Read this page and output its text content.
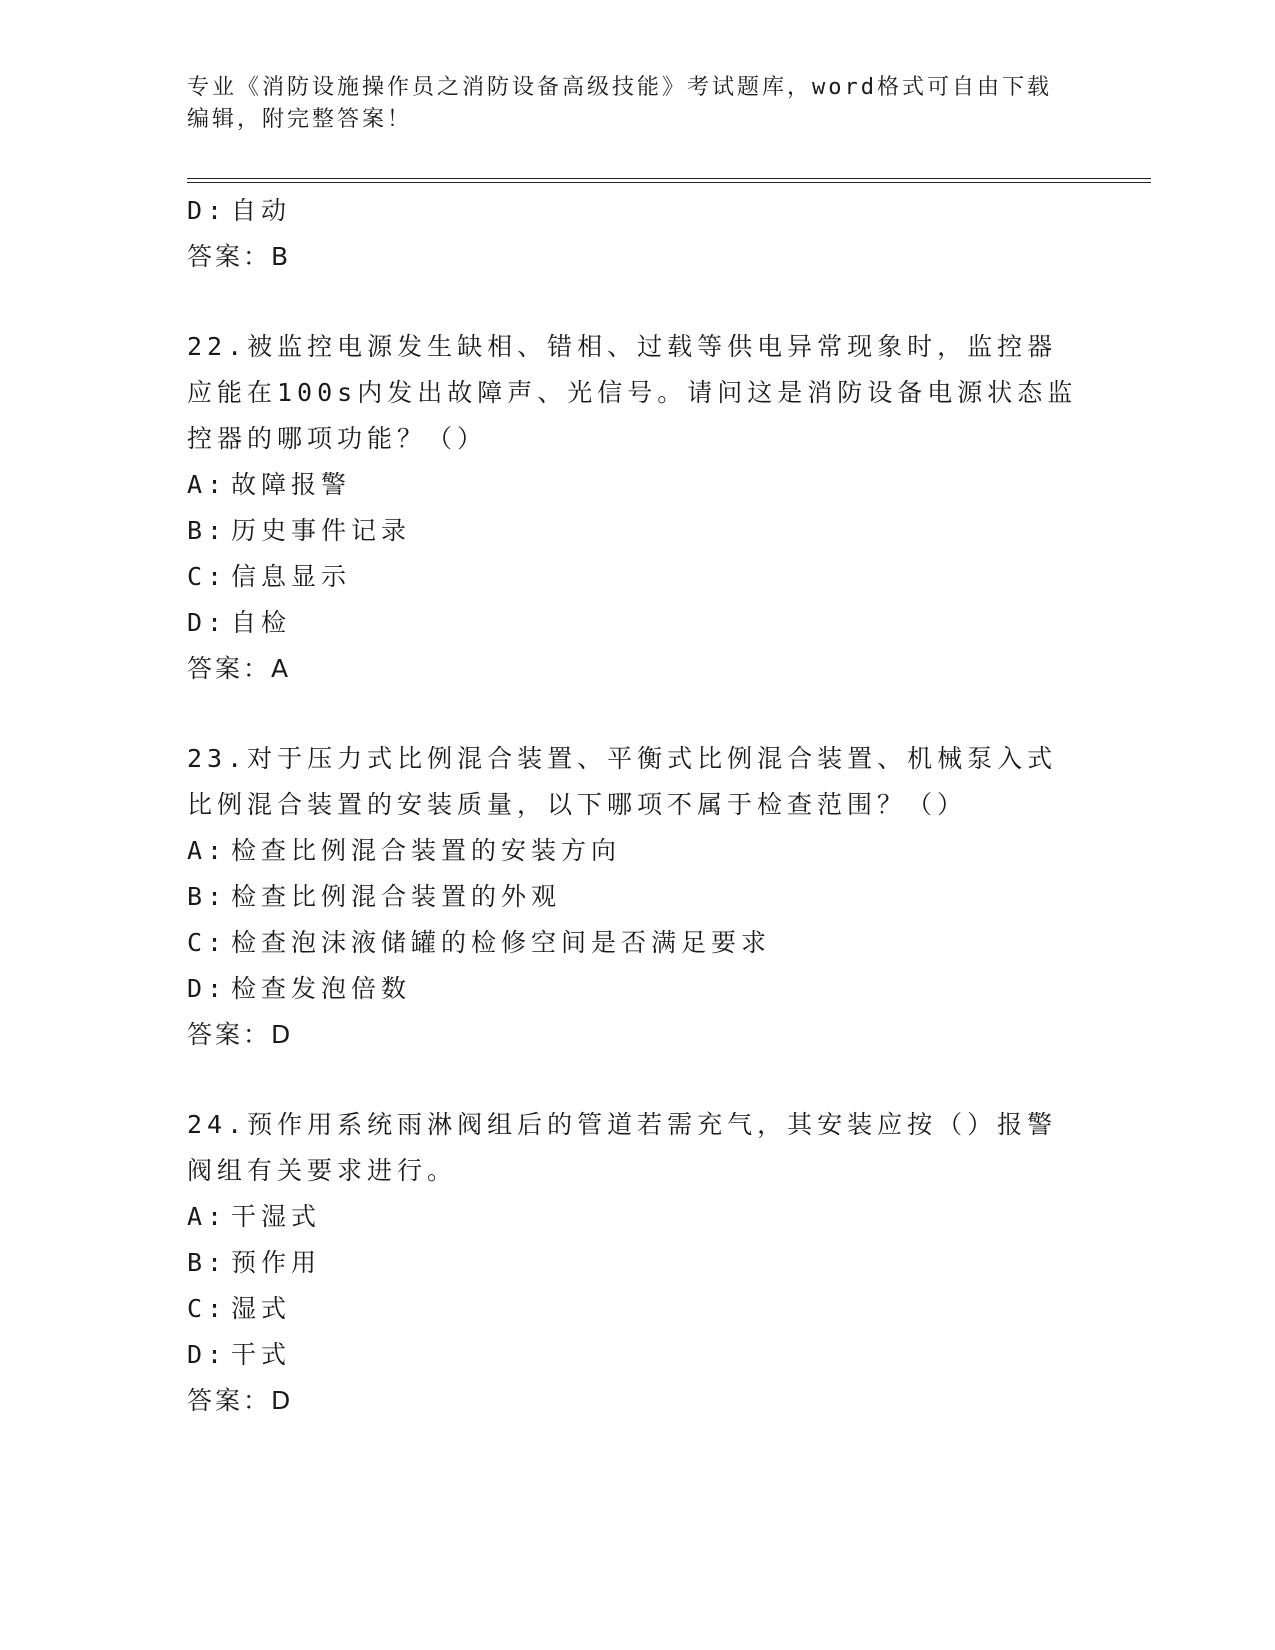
专业《消防设施操作员之消防设备高级技能》考试题库，word格式可自由下载编辑，附完整答案！
D: 自动

答案：B

22.被监控电源发生缺相、错相、过载等供电异常现象时，监控器应能在100s内发出故障声、光信号。请问这是消防设备电源状态监控器的哪项功能？（）

A: 故障报警
B: 历史事件记录
C: 信息显示
D: 自检

答案：A

23.对于压力式比例混合装置、平衡式比例混合装置、机械泵入式比例混合装置的安装质量，以下哪项不属于检查范围？（）

A: 检查比例混合装置的安装方向
B: 检查比例混合装置的外观
C: 检查泡沫液储罐的检修空间是否满足要求
D: 检查发泡倍数

答案：D

24.预作用系统雨淋阀组后的管道若需充气，其安装应按（）报警阀组有关要求进行。

A: 干湿式
B: 预作用
C: 湿式
D: 干式

答案：D
